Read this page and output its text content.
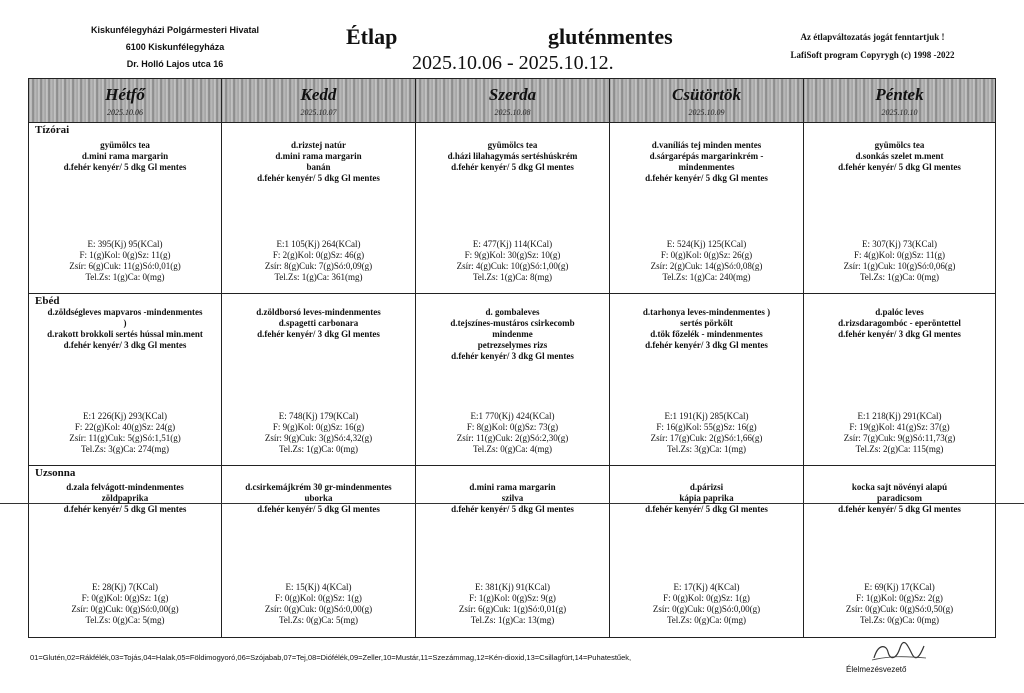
Kiskunfélegyházi Polgármesteri Hivatal
6100 Kiskunfélegyháza
Dr. Holló Lajos utca 16
Étlap	gluténmentes
2025.10.06 - 2025.10.12.
Az étlapváltozatás jogát fenntartjuk !
LafiSoft program Copyrygh (c) 1998 -2022
Hétfő
2025.10.06
Kedd
2025.10.07
Szerda
2025.10.08
Csütörtök
2025.10.09
Péntek
2025.10.10
Tízórai
Ebéd
Uzsonna
gyümölcs tea
d.mini rama margarin
d.fehér kenyér/ 5 dkg Gl mentes
E: 395(Kj) 95(KCal)
F: 1(g)Kol: 0(g)Sz: 11(g)
Zsír: 6(g)Cuk: 11(g)Só:0,01(g)
Tel.Zs: 1(g)Ca: 0(mg)
d.rizstej natúr
d.mini rama margarin
banán
d.fehér kenyér/ 5 dkg Gl mentes
E:1 105(Kj) 264(KCal)
F: 2(g)Kol: 0(g)Sz: 46(g)
Zsír: 8(g)Cuk: 7(g)Só:0,09(g)
Tel.Zs: 1(g)Ca: 361(mg)
gyümölcs tea
d.házi lilahagymás sertéshúskrém
d.fehér kenyér/ 5 dkg Gl mentes
E: 477(Kj) 114(KCal)
F: 9(g)Kol: 30(g)Sz: 10(g)
Zsír: 4(g)Cuk: 10(g)Só:1,00(g)
Tel.Zs: 1(g)Ca: 8(mg)
d.vaníliás tej minden mentes
d.sárgarépás margarinkrém -
mindenmentes
d.fehér kenyér/ 5 dkg Gl mentes
E: 524(Kj) 125(KCal)
F: 0(g)Kol: 0(g)Sz: 26(g)
Zsír: 2(g)Cuk: 14(g)Só:0,08(g)
Tel.Zs: 1(g)Ca: 240(mg)
gyümölcs tea
d.sonkás szelet m.ment
d.fehér kenyér/ 5 dkg Gl mentes
E: 307(Kj) 73(KCal)
F: 4(g)Kol: 0(g)Sz: 11(g)
Zsír: 1(g)Cuk: 10(g)Só:0,06(g)
Tel.Zs: 1(g)Ca: 0(mg)
d.zöldségleves mapvaros -mindenmentes
)
d.rakott brokkoli sertés hússal min.ment
d.fehér kenyér/ 3 dkg Gl mentes
E:1 226(Kj) 293(KCal)
F: 22(g)Kol: 40(g)Sz: 24(g)
Zsír: 11(g)Cuk: 5(g)Só:1,51(g)
Tel.Zs: 3(g)Ca: 274(mg)
d.zöldborsó leves-mindenmentes
d.spagetti carbonara
d.fehér kenyér/ 3 dkg Gl mentes
E: 748(Kj) 179(KCal)
F: 9(g)Kol: 0(g)Sz: 16(g)
Zsír: 9(g)Cuk: 3(g)Só:4,32(g)
Tel.Zs: 1(g)Ca: 0(mg)
d. gombaleves
d.tejszínes-mustáros csirkecomb
mindenme
petrezselymes rizs
d.fehér kenyér/ 3 dkg Gl mentes
E:1 770(Kj) 424(KCal)
F: 8(g)Kol: 0(g)Sz: 73(g)
Zsír: 11(g)Cuk: 2(g)Só:2,30(g)
Tel.Zs: 0(g)Ca: 4(mg)
d.tarhonya leves-mindenmentes )
sertés pörkölt
d.tök főzelék - mindenmentes
d.fehér kenyér/ 3 dkg Gl mentes
E:1 191(Kj) 285(KCal)
F: 16(g)Kol: 55(g)Sz: 16(g)
Zsír: 17(g)Cuk: 2(g)Só:1,66(g)
Tel.Zs: 3(g)Ca: 1(mg)
d.palóc leves
d.rizsdaragombóc - eperöntettel
d.fehér kenyér/ 3 dkg Gl mentes
E:1 218(Kj) 291(KCal)
F: 19(g)Kol: 41(g)Sz: 37(g)
Zsír: 7(g)Cuk: 9(g)Só:11,73(g)
Tel.Zs: 2(g)Ca: 115(mg)
d.zala felvágott-mindenmentes
zöldpaprika
d.fehér kenyér/ 5 dkg Gl mentes
E: 28(Kj) 7(KCal)
F: 0(g)Kol: 0(g)Sz: 1(g)
Zsír: 0(g)Cuk: 0(g)Só:0,00(g)
Tel.Zs: 0(g)Ca: 5(mg)
d.csirkemájkrém 30 gr-mindenmentes
uborka
d.fehér kenyér/ 5 dkg Gl mentes
E: 15(Kj) 4(KCal)
F: 0(g)Kol: 0(g)Sz: 1(g)
Zsír: 0(g)Cuk: 0(g)Só:0,00(g)
Tel.Zs: 0(g)Ca: 5(mg)
d.mini rama margarin
szilva
d.fehér kenyér/ 5 dkg Gl mentes
E: 381(Kj) 91(KCal)
F: 1(g)Kol: 0(g)Sz: 9(g)
Zsír: 6(g)Cuk: 1(g)Só:0,01(g)
Tel.Zs: 1(g)Ca: 13(mg)
d.párizsi
kápia paprika
d.fehér kenyér/ 5 dkg Gl mentes
E: 17(Kj) 4(KCal)
F: 0(g)Kol: 0(g)Sz: 1(g)
Zsír: 0(g)Cuk: 0(g)Só:0,00(g)
Tel.Zs: 0(g)Ca: 0(mg)
kocka sajt növényi alapú
paradicsom
d.fehér kenyér/ 5 dkg Gl mentes
E: 69(Kj) 17(KCal)
F: 1(g)Kol: 0(g)Sz: 2(g)
Zsír: 0(g)Cuk: 0(g)Só:0,50(g)
Tel.Zs: 0(g)Ca: 0(mg)
01=Glutén,02=Rákfélék,03=Tojás,04=Halak,05=Földimogyoró,06=Szójabab,07=Tej,08=Diófélék,09=Zeller,10=Mustár,11=Szezámmag,12=Kén-dioxid,13=Csillagfürt,14=Puhatestűek,
Élelmezésvezető
